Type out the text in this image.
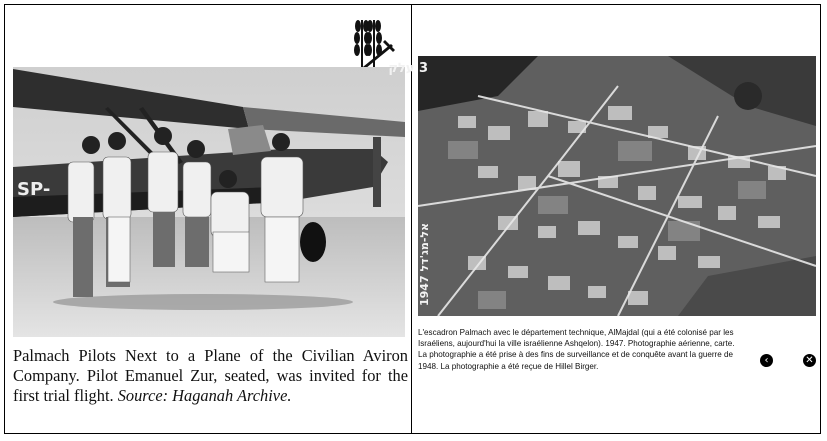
SP-
Palmach Pilots Next to a Plane of the Civilian Aviron Company. Pilot Emanuel Zur, seated, was invited for the first trial flight. Source: Haganah Archive.
3 עלק
אל-מג'דל 1947
L'escadron Palmach avec le département technique, AlMajdal (qui a été colonisé par les Israéliens, aujourd'hui la ville israélienne Ashqelon). 1947. Photographie aérienne, carte. La photographie a été prise à des fins de surveillance et de conquête avant la guerre de 1948. La photographie a été reçue de Hillel Birger.
‹	✕
